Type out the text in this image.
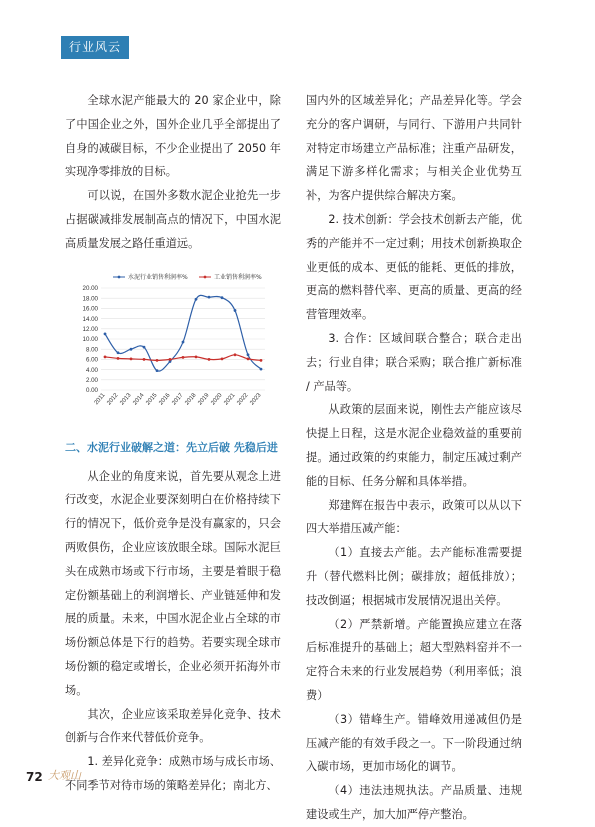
行业风云

全球水泥产能最大的 20 家企业中，除了中国企业之外，国外企业几乎全部提出了自身的减碳目标，不少企业提出了 2050 年实现净零排放的目标。

可以说，在国外多数水泥企业抢先一步占据碳减排发展制高点的情况下，中国水泥高质量发展之路任重道远。

20.00
18.00
16.00
14.00
12.00
10.00
8.00
6.00
4.00
2.00
0.00
2011 2012 2013 2014 2015 2016 2017 2018 2019 2020 2021 2022 2023
水泥行业销售利润率%	工业销售利润率%
二、水泥行业破解之道：先立后破 先稳后进

从企业的角度来说，首先要从观念上进行改变，水泥企业要深刻明白在价格持续下行的情况下，低价竞争是没有赢家的，只会两败俱伤，企业应该放眼全球。国际水泥巨头在成熟市场或下行市场，主要是着眼于稳定份额基础上的利润增长、产业链延伸和发展的质量。未来，中国水泥企业占全球的市场份额总体是下行的趋势。若要实现全球市场份额的稳定或增长，企业必须开拓海外市场。

其次，企业应该采取差异化竞争、技术创新与合作来代替低价竞争。

1. 差异化竞争：成熟市场与成长市场、不同季节对待市场的策略差异化；南北方、

国内外的区域差异化；产品差异化等。学会充分的客户调研，与同行、下游用户共同针对特定市场建立产品标准；注重产品研发，满足下游多样化需求；与相关企业优势互补，为客户提供综合解决方案。

2. 技术创新：学会技术创新去产能，优秀的产能并不一定过剩；用技术创新换取企业更低的成本、更低的能耗、更低的排放，更高的燃料替代率、更高的质量、更高的经营管理效率。

3. 合作：区域间联合整合；联合走出去；行业自律；联合采购；联合推广新标准 / 产品等。

从政策的层面来说，刚性去产能应该尽快提上日程，这是水泥企业稳效益的重要前提。通过政策的约束能力，制定压减过剩产能的目标、任务分解和具体举措。

郑建辉在报告中表示，政策可以从以下四大举措压减产能：

（1）直接去产能。去产能标准需要提升（替代燃料比例；碳排放；超低排放）；技改倒逼；根据城市发展情况退出关停。

（2）严禁新增。产能置换应建立在落后标准提升的基础上；超大型熟料窑并不一定符合未来的行业发展趋势（利用率低；浪费）

（3）错峰生产。错峰效用递减但仍是压减产能的有效手段之一。下一阶段通过纳入碳市场，更加市场化的调节。

（4）违法违规执法。产品质量、违规建设或生产，加大加严停产整治。

72 大观山
